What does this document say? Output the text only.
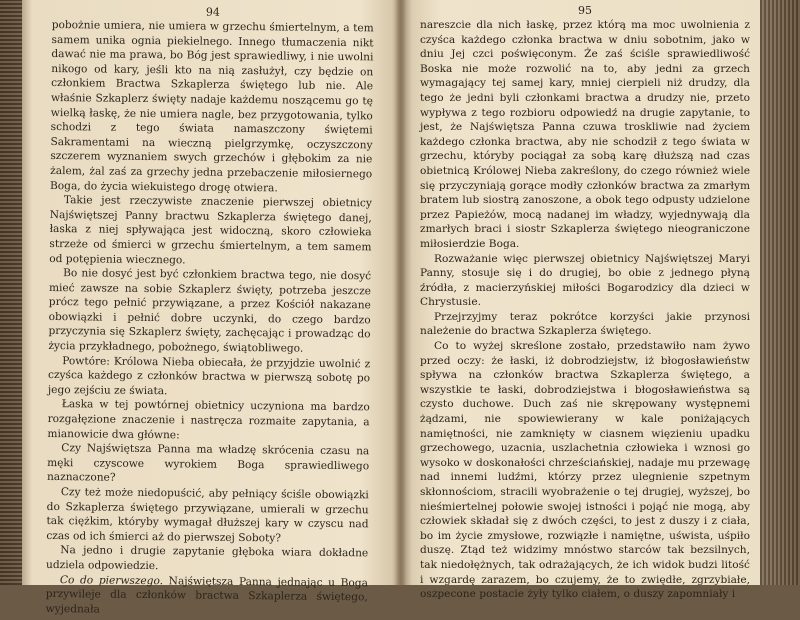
94

pobożnie umiera, nie umiera w grzechu śmiertelnym, a tem samem unika ognia piekielnego. Innego tłumaczenia nikt dawać nie ma prawa, bo Bóg jest sprawiedliwy, i nie uwolni nikogo od kary, jeśli kto na nią zasłużył, czy będzie on członkiem Bractwa Szkaplerza świętego lub nie. Ale właśnie Szkaplerz święty nadaje każdemu noszącemu go tę wielką łaskę, że nie umiera nagle, bez przygotowania, tylko schodzi z tego świata namaszczony świętemi Sakramentami na wieczną pielgrzymkę, oczyszczony szczerem wyznaniem swych grzechów i głębokim za nie żalem, żal zaś za grzechy jedna przebaczenie miłosiernego Boga, do życia wiekuistego drogę otwiera.

Takie jest rzeczywiste znaczenie pierwszej obietnicy Najświętszej Panny bractwu Szkaplerza świętego danej, łaska z niej spływająca jest widoczną, skoro człowieka strzeże od śmierci w grzechu śmiertelnym, a tem samem od potępienia wiecznego.

Bo nie dosyć jest być członkiem bractwa tego, nie dosyć mieć zawsze na sobie Szkaplerz święty, potrzeba jeszcze prócz tego pełnić przywiązane, a przez Kościół nakazane obowiązki i pełnić dobre uczynki, do czego bardzo przyczynia się Szkaplerz święty, zachęcając i prowadząc do życia przykładnego, pobożnego, świątobliwego.

Powtóre: Królowa Nieba obiecała, że przyjdzie uwolnić z czyśca każdego z członków bractwa w pierwszą sobotę po jego zejściu ze świata.

Łaska w tej powtórnej obietnicy uczyniona ma bardzo rozgałęzione znaczenie i nastręcza rozmaite zapytania, a mianowicie dwa główne:

Czy Najświętsza Panna ma władzę skrócenia czasu na męki czyscowe wyrokiem Boga sprawiedliwego naznaczone?

Czy też może niedopuścić, aby pełniący ściśle obowiązki do Szkaplerza świętego przywiązane, umierali w grzechu tak ciężkim, któryby wymagał dłuższej kary w czyscu nad czas od ich śmierci aż do pierwszej Soboty?

Na jedno i drugie zapytanie głęboka wiara dokładne udziela odpowiedzie.

Co do pierwszego. Najświętsza Panna jednając u Boga przywileje dla członków bractwa Szkaplerza świętego, wyjednała

95

nareszcie dla nich łaskę, przez którą ma moc uwolnienia z czyśca każdego członka bractwa w dniu sobotnim, jako w dniu Jej czci poświęconym. Że zaś ściśle sprawiedliwość Boska nie może rozwolić na to, aby jedni za grzech wymagający tej samej kary, mniej cierpieli niż drudzy, dla tego że jedni byli członkami bractwa a drudzy nie, przeto wypływa z tego rozbioru odpowiedź na drugie zapytanie, to jest, że Najświętsza Panna czuwa troskliwie nad życiem każdego członka bractwa, aby nie schodził z tego świata w grzechu, któryby pociągał za sobą karę dłuższą nad czas obietnicą Królowej Nieba zakreślony, do czego również wiele się przyczyniają gorące modły członków bractwa za zmarłym bratem lub siostrą zanoszone, a obok tego odpusty udzielone przez Papieżów, mocą nadanej im władzy, wyjednywają dla zmarłych braci i siostr Szkaplerza świętego nieograniczone miłosierdzie Boga.

Rozważanie więc pierwszej obietnicy Najświętszej Maryi Panny, stosuje się i do drugiej, bo obie z jednego płyną źródła, z macierzyńskiej miłości Bogarodzicy dla dzieci w Chrystusie.

Przejrzyjmy teraz pokrótce korzyści jakie przynosi należenie do bractwa Szkaplerza świętego.

Co to wyżej skreślone zostało, przedstawiło nam żywo przed oczy: że łaski, iż dobrodziejstw, iż błogosławieństw spływa na członków bractwa Szkaplerza świętego, a wszystkie te łaski, dobrodziejstwa i błogosławieństwa są czysto duchowe. Duch zaś nie skrępowany występnemi żądzami, nie spowiewierany w kale poniżających namiętności, nie zamknięty w ciasnem więzieniu upadku grzechowego, uzacnia, uszlachetnia człowieka i wznosi go wysoko w doskonałości chrześciańskiej, nadaje mu przewagę nad innemi ludźmi, którzy przez ulegnienie szpetnym skłonnościom, stracili wyobrażenie o tej drugiej, wyższej, bo nieśmiertelnej połowie swojej istności i pojąć nie mogą, aby człowiek składał się z dwóch części, to jest z duszy i z ciała, bo im życie zmysłowe, rozwiązłe i namiętne, uśwista, uśpiło duszę. Ztąd też widzimy mnóstwo starców tak bezsilnych, tak niedołężnych, tak odrażających, że ich widok budzi litość i wzgardę zarazem, bo czujemy, że to zwiędłe, zgrzybiałe, oszpecone postacie żyły tylko ciałem, o duszy zapomniały i
